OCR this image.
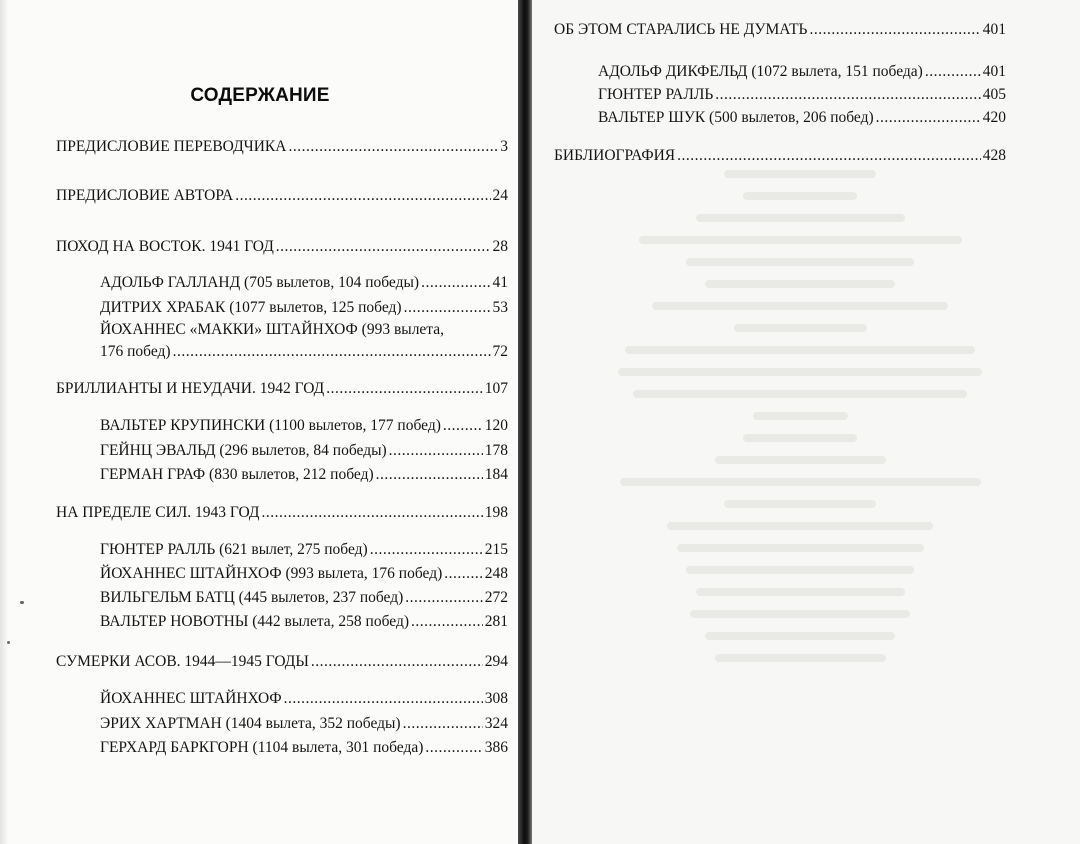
СОДЕРЖАНИЕ
ПРЕДИСЛОВИЕ ПЕРЕВОДЧИКА .....	3
ПРЕДИСЛОВИЕ АВТОРА .....	24
ПОХОД НА ВОСТОК. 1941 ГОД .....	28
АДОЛЬФ ГАЛЛАНД (705 вылетов, 104 победы) .....	41
ДИТРИХ ХРАБАК (1077 вылетов, 125 побед) .....	53
ЙОХАННЕС «МАККИ» ШТАЙНХОФ (993 вылета,
176 побед) .....	72
БРИЛЛИАНТЫ И НЕУДАЧИ. 1942 ГОД .....	107
ВАЛЬТЕР КРУПИНСКИ (1100 вылетов, 177 побед) .....	120
ГЕЙНЦ ЭВАЛЬД (296 вылетов, 84 победы) .....	178
ГЕРМАН ГРАФ (830 вылетов, 212 побед) .....	184
НА ПРЕДЕЛЕ СИЛ. 1943 ГОД .....	198
ГЮНТЕР РАЛЛЬ (621 вылет, 275 побед) .....	215
ЙОХАННЕС ШТАЙНХОФ (993 вылета, 176 побед) .....	248
ВИЛЬГЕЛЬМ БАТЦ (445 вылетов, 237 побед) .....	272
ВАЛЬТЕР НОВОТНЫ (442 вылета, 258 побед) .....	281
СУМЕРКИ АСОВ. 1944—1945 ГОДЫ .....	294
ЙОХАННЕС ШТАЙНХОФ .....	308
ЭРИХ ХАРТМАН (1404 вылета, 352 победы) .....	324
ГЕРХАРД БАРКГОРН (1104 вылета, 301 победа) .....	386
ОБ ЭТОМ СТАРАЛИСЬ НЕ ДУМАТЬ .....	401
АДОЛЬФ ДИКФЕЛЬД (1072 вылета, 151 победа) .....	401
ГЮНТЕР РАЛЛЬ .....	405
ВАЛЬТЕР ШУК (500 вылетов, 206 побед) .....	420
БИБЛИОГРАФИЯ .....	428
